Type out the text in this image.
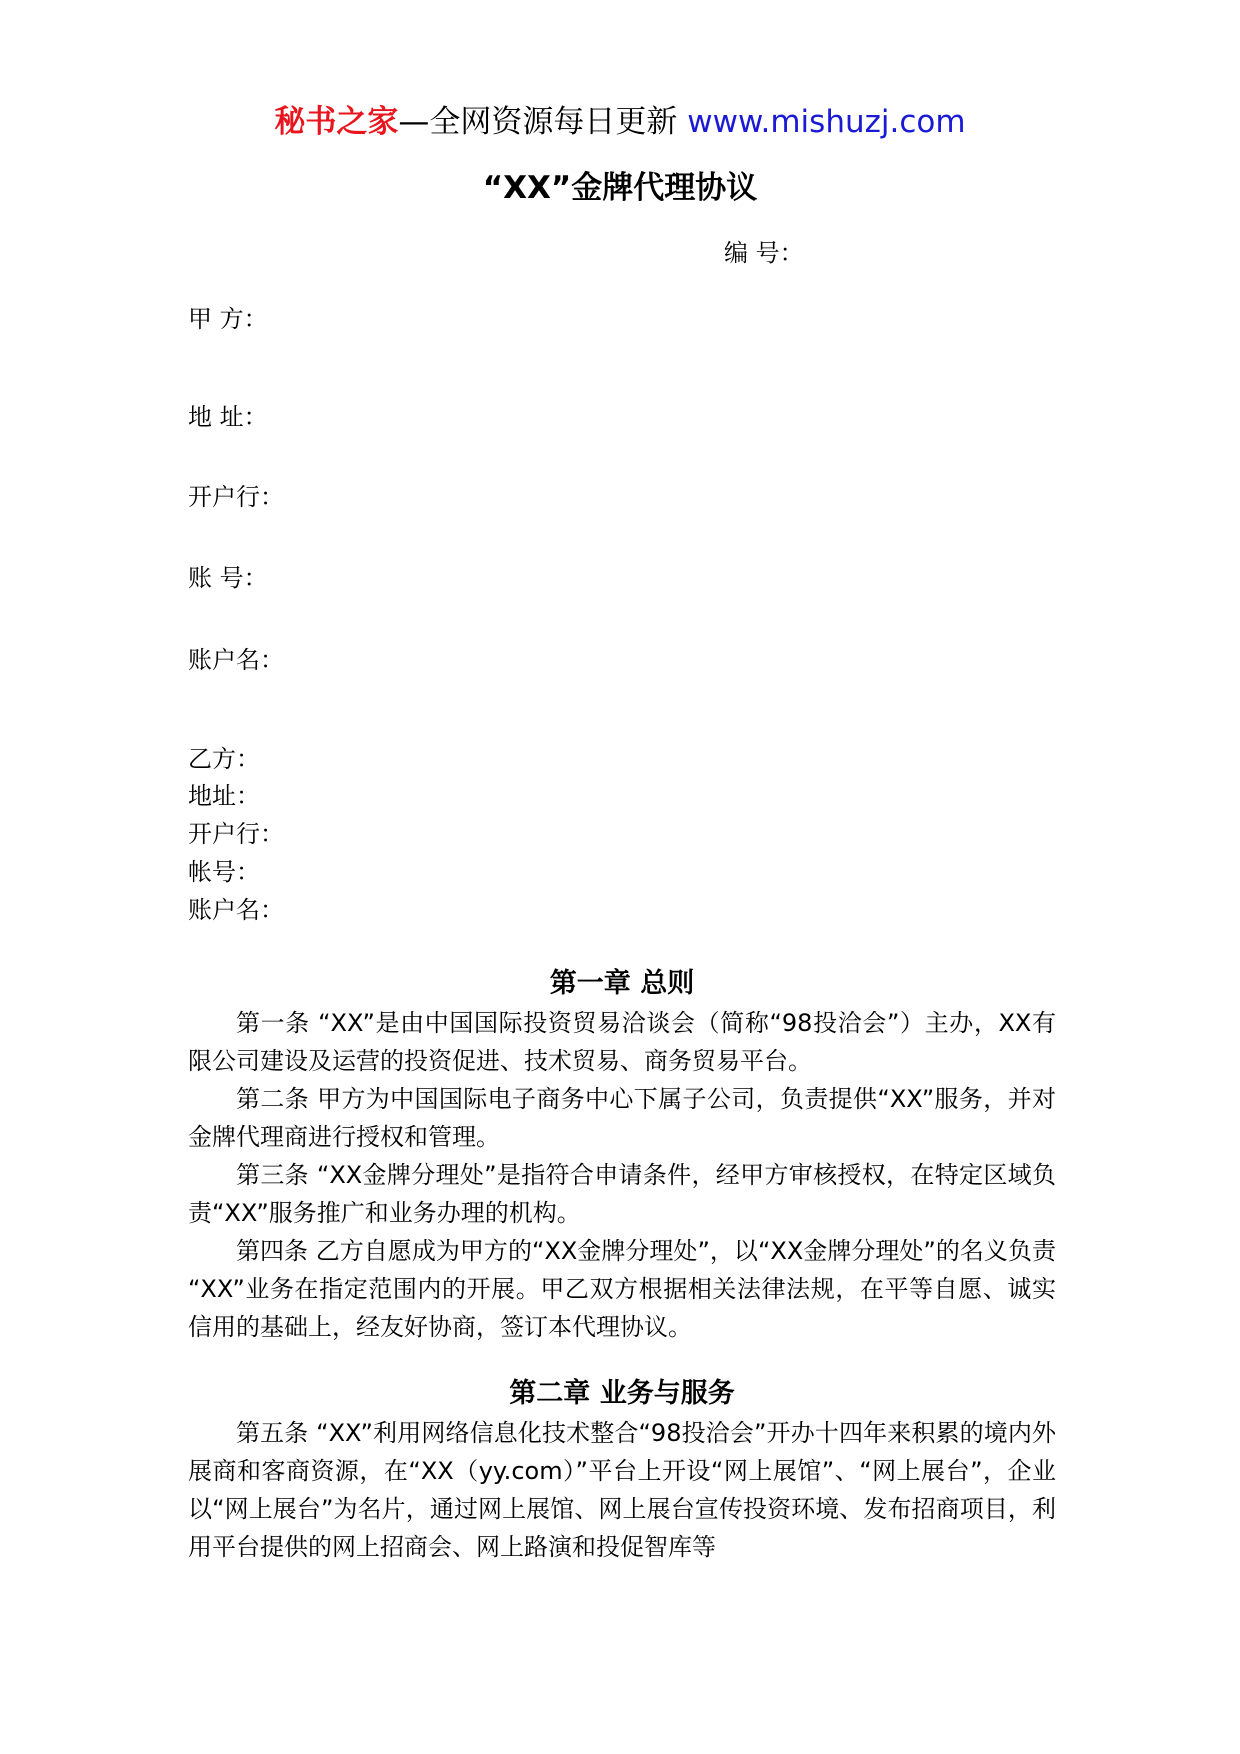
秘书之家—全网资源每日更新 www.mishuzj.com
“XX”金牌代理协议
编 号：
甲 方：
地 址：
开户行：
账 号：
账户名：
乙方：
地址：
开户行：
帐号：
账户名：
第一章 总则

第一条 “XX”是由中国国际投资贸易洽谈会（简称“98投洽会”）主办，XX有限公司建设及运营的投资促进、技术贸易、商务贸易平台。

第二条 甲方为中国国际电子商务中心下属子公司，负责提供“XX”服务，并对金牌代理商进行授权和管理。

第三条 “XX金牌分理处”是指符合申请条件，经甲方审核授权，在特定区域负责“XX”服务推广和业务办理的机构。

第四条 乙方自愿成为甲方的“XX金牌分理处”，以“XX金牌分理处”的名义负责 “XX”业务在指定范围内的开展。甲乙双方根据相关法律法规，在平等自愿、诚实信用的基础上，经友好协商，签订本代理协议。

第二章 业务与服务

第五条 “XX”利用网络信息化技术整合“98投洽会”开办十四年来积累的境内外展商和客商资源，在“XX（yy.com）”平台上开设“网上展馆”、“网上展台”，企业以“网上展台”为名片，通过网上展馆、网上展台宣传投资环境、发布招商项目，利用平台提供的网上招商会、网上路演和投促智库等
